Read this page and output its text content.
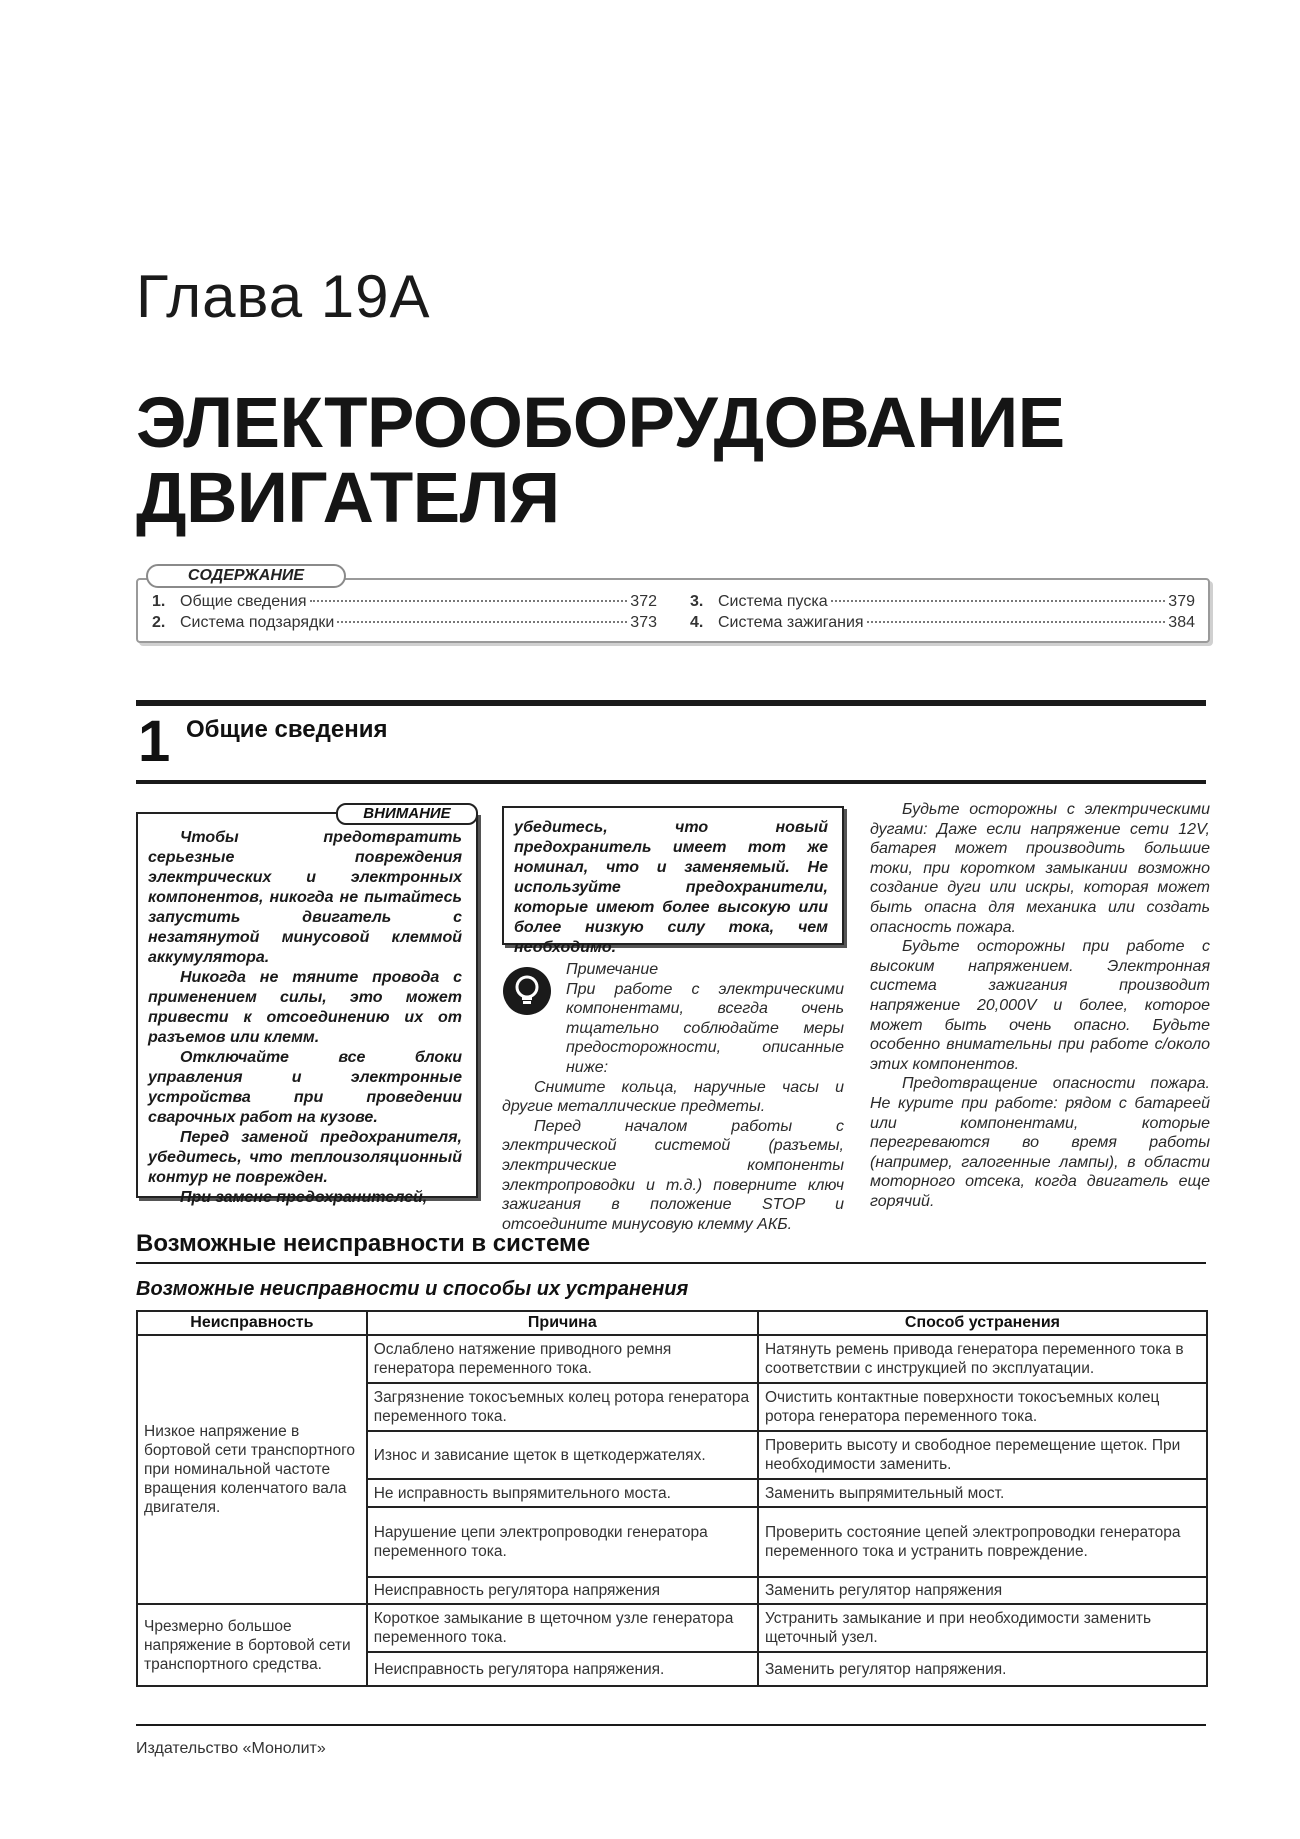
Глава 19А
ЭЛЕКТРООБОРУДОВАНИЕ
ДВИГАТЕЛЯ
СОДЕРЖАНИЕ
1. Общие сведения	372
2. Система подзарядки	373
3. Система пуска	379
4. Система зажигания	384
1 Общие сведения
ВНИМАНИЕ

Чтобы предотвратить серьезные повреждения электрических и электронных компонентов, никогда не пытайтесь запустить двигатель с незатянутой минусовой клеммой аккумулятора.

Никогда не тяните провода с применением силы, это может привести к отсоединению их от разъемов или клемм.

Отключайте все блоки управления и электронные устройства при проведении сварочных работ на кузове.

Перед заменой предохранителя, убедитесь, что теплоизоляционный контур не поврежден.

При замене предохранителей,

убедитесь, что новый предохранитель имеет тот же номинал, что и заменяемый. Не используйте предохранители, которые имеют более высокую или более низкую силу тока, чем необходимо.

Примечание

При работе с электрическими компонентами, всегда очень тщательно соблюдайте меры предосторожности, описанные ниже:

Снимите кольца, наручные часы и другие металлические предметы.

Перед началом работы с электрической системой (разъемы, электрические компоненты электропроводки и т.д.) поверните ключ зажигания в положение STOP и отсоедините минусовую клемму АКБ.

Будьте осторожны с электрическими дугами: Даже если напряжение сети 12V, батарея может производить большие токи, при коротком замыкании возможно создание дуги или искры, которая может быть опасна для механика или создать опасность пожара.

Будьте осторожны при работе с высоким напряжением. Электронная система зажигания производит напряжение 20,000V и более, которое может быть очень опасно. Будьте особенно внимательны при работе с/около этих компонентов.

Предотвращение опасности пожара. Не курите при работе: рядом с батареей или компонентами, которые перегреваются во время работы (например, галогенные лампы), в области моторного отсека, когда двигатель еще горячий.

Возможные неисправности в системе
Возможные неисправности и способы их устранения
Неисправность	Причина	Способ устранения
Низкое напряжение в бортовой сети транспортного при номинальной частоте вращения коленчатого вала двигателя.	Ослаблено натяжение приводного ремня генератора переменного тока.	Натянуть ремень привода генератора переменного тока в соответствии с инструкцией по эксплуатации.
	Загрязнение токосъемных колец ротора генератора переменного тока.	Очистить контактные поверхности токосъемных колец ротора генератора переменного тока.
	Износ и зависание щеток в щеткодержателях.	Проверить высоту и свободное перемещение щеток. При необходимости заменить.
	Не исправность выпрямительного моста.	Заменить выпрямительный мост.
	Нарушение цепи электропроводки генератора переменного тока.	Проверить состояние цепей электропроводки генератора переменного тока и устранить повреждение.
	Неисправность регулятора напряжения	Заменить регулятор напряжения
Чрезмерно большое напряжение в бортовой сети транспортного средства.	Короткое замыкание в щеточном узле генератора переменного тока.	Устранить замыкание и при необходимости заменить щеточный узел.
	Неисправность регулятора напряжения.	Заменить регулятор напряжения.
Издательство «Монолит»
